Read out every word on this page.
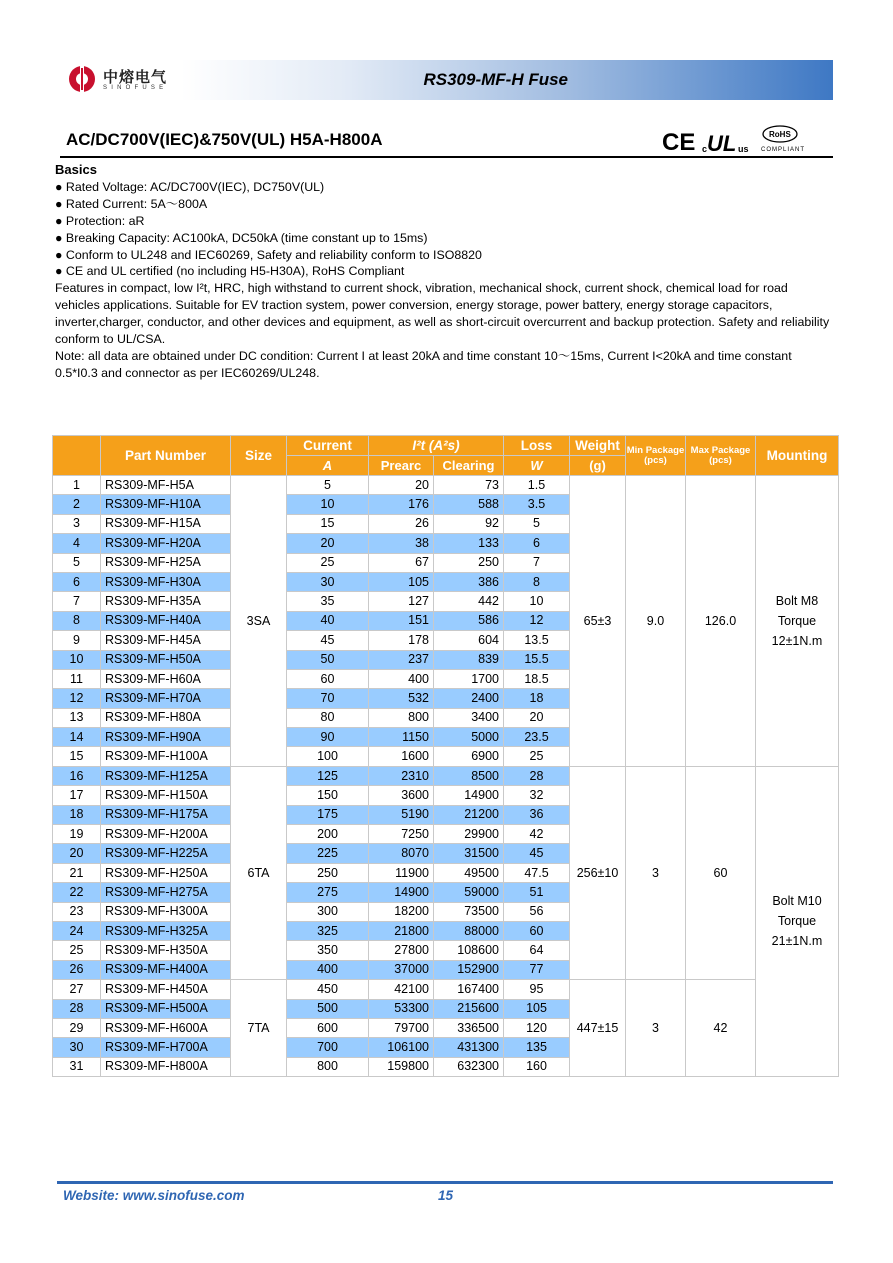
中熔电气
SINOFUSE	RS309-MF-H Fuse
AC/DC700V(IEC)&750V(UL) H5A-H800A	CE c UL us
RoHS
COMPLIANT

Basics

● Rated Voltage: AC/DC700V(IEC), DC750V(UL)

● Rated Current: 5A～800A

● Protection: aR

● Breaking Capacity: AC100kA, DC50kA (time constant up to 15ms)

● Conform to UL248 and IEC60269, Safety and reliability conform to ISO8820

● CE and UL certified (no including H5-H30A), RoHS Compliant

Features in compact, low I²t, HRC, high withstand to current shock, vibration, mechanical shock, current shock, chemical load for road vehicles applications. Suitable for EV traction system, power conversion, energy storage, power battery, energy storage capacitors, inverter,charger, conductor, and other devices and equipment, as well as short-circuit overcurrent and backup protection. Safety and reliability conform to UL/CSA.

Note: all data are obtained under DC condition: Current I at least 20kA and time constant 10～15ms, Current I<20kA and time constant 0.5*I0.3 and connector as per IEC60269/UL248.

	Part Number	Size	Current	I²t (A²s)		Loss	Weight	Min Package (pcs)	Max Package (pcs)	Mounting
			A	Prearc	Clearing	W	(g)			
1	RS309-MF-H5A	3SA	5	20	73	1.5	65±3	9.0	126.0	Bolt M8
Torque
12±1N.m

2	RS309-MF-H10A		10	176	588	3.5				
3	RS309-MF-H15A		15	26	92	5				
4	RS309-MF-H20A		20	38	133	6				
5	RS309-MF-H25A		25	67	250	7				
6	RS309-MF-H30A		30	105	386	8				
7	RS309-MF-H35A		35	127	442	10				
8	RS309-MF-H40A		40	151	586	12				
9	RS309-MF-H45A		45	178	604	13.5				
10	RS309-MF-H50A		50	237	839	15.5				
11	RS309-MF-H60A		60	400	1700	18.5				
12	RS309-MF-H70A		70	532	2400	18				
13	RS309-MF-H80A		80	800	3400	20				
14	RS309-MF-H90A		90	1150	5000	23.5				
15	RS309-MF-H100A		100	1600	6900	25				
16	RS309-MF-H125A	6TA	125	2310	8500	28	256±10	3	60	Bolt M10
Torque
21±1N.m

17	RS309-MF-H150A		150	3600	14900	32				
18	RS309-MF-H175A		175	5190	21200	36				
19	RS309-MF-H200A		200	7250	29900	42				
20	RS309-MF-H225A		225	8070	31500	45				
21	RS309-MF-H250A		250	11900	49500	47.5				
22	RS309-MF-H275A		275	14900	59000	51				
23	RS309-MF-H300A		300	18200	73500	56				
24	RS309-MF-H325A		325	21800	88000	60				
25	RS309-MF-H350A		350	27800	108600	64				
26	RS309-MF-H400A		400	37000	152900	77				
27	RS309-MF-H450A	7TA	450	42100	167400	95	447±15	3	42	
28	RS309-MF-H500A		500	53300	215600	105				
29	RS309-MF-H600A		600	79700	336500	120				
30	RS309-MF-H700A		700	106100	431300	135				
31	RS309-MF-H800A		800	159800	632300	160				
Website: www.sinofuse.com	15
